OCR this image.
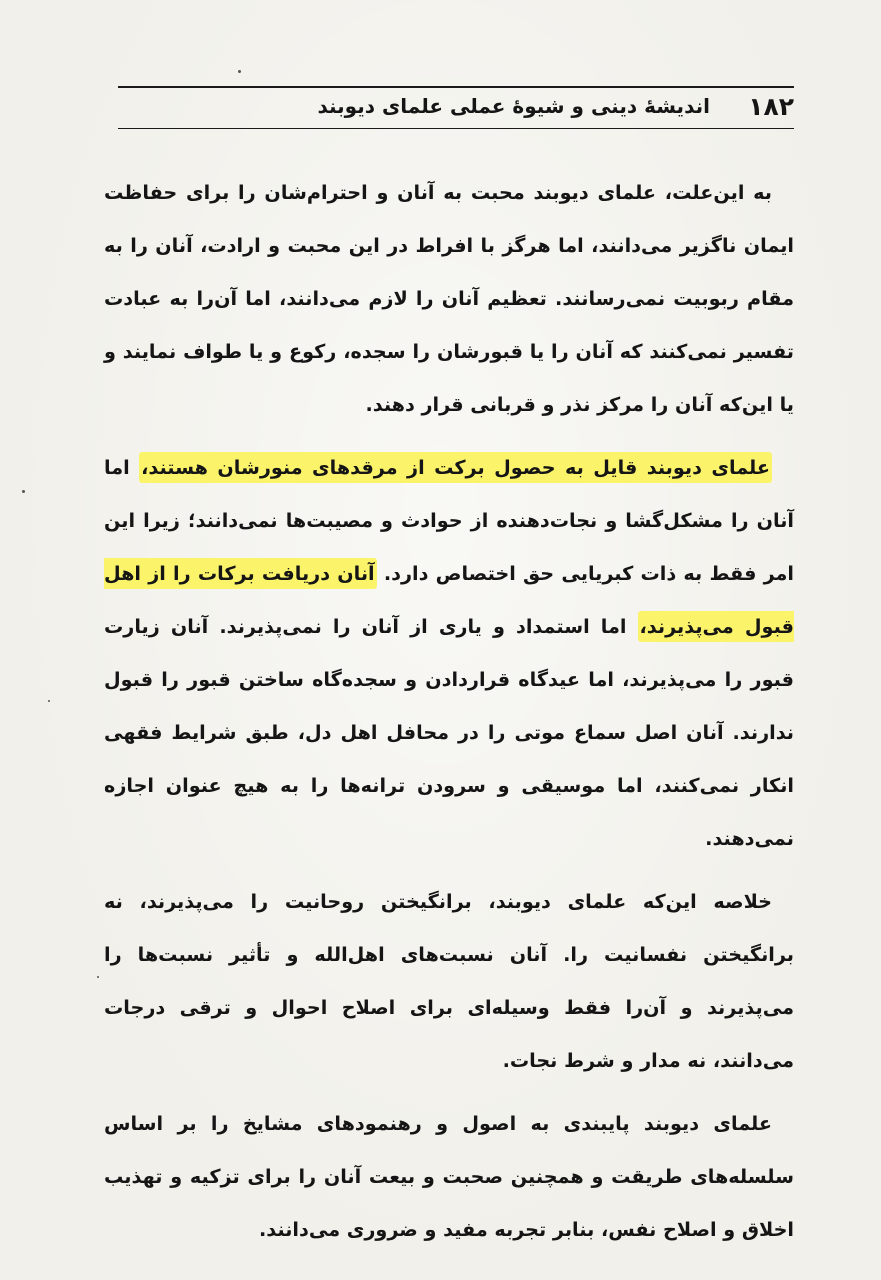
۱۸۲
اندیشهٔ دینی و شیوهٔ عملی علمای دیوبند

به این‌علت، علمای دیوبند محبت به آنان و احترام‌شان را برای حفاظت ایمان ناگزیر می‌دانند، اما هرگز با افراط در این محبت و ارادت، آنان را به مقام ربوبیت نمی‌رسانند. تعظیم آنان را لازم می‌دانند، اما آن‌را به عبادت تفسیر نمی‌کنند که آنان را یا قبورشان را سجده، رکوع و یا طواف نمایند و یا این‌که آنان را مرکز نذر و قربانی قرار دهند.

علمای دیوبند قایل به حصول برکت از مرقدهای منورشان هستند، اما آنان را مشکل‌گشا و نجات‌دهنده از حوادث و مصیبت‌ها نمی‌دانند؛ زیرا این امر فقط به ذات کبریایی حق اختصاص دارد. آنان دریافت برکات را از اهل قبول می‌پذیرند، اما استمداد و یاری از آنان را نمی‌پذیرند. آنان زیارت قبور را می‌پذیرند، اما عیدگاه قراردادن و سجده‌گاه ساختن قبور را قبول ندارند. آنان اصل سماع موتی را در محافل اهل دل، طبق شرایط فقهی انکار نمی‌کنند، اما موسیقی و سرودن ترانه‌ها را به هیچ عنوان اجازه نمی‌دهند.

خلاصه این‌که علمای دیوبند، برانگیختن روحانیت را می‌پذیرند، نه برانگیختن نفسانیت را. آنان نسبت‌های اهل‌الله و تأثیر نسبت‌ها را می‌پذیرند و آن‌را فقط وسیله‌ای برای اصلاح احوال و ترقی درجات می‌دانند، نه مدار و شرط نجات.

علمای دیوبند پایبندی به اصول و رهنمودهای مشایخ را بر اساس سلسله‌های طریقت و همچنین صحبت و بیعت آنان را برای تزکیه و تهذیب اخلاق و اصلاح نفس، بنابر تجربه مفید و ضروری می‌دانند.
